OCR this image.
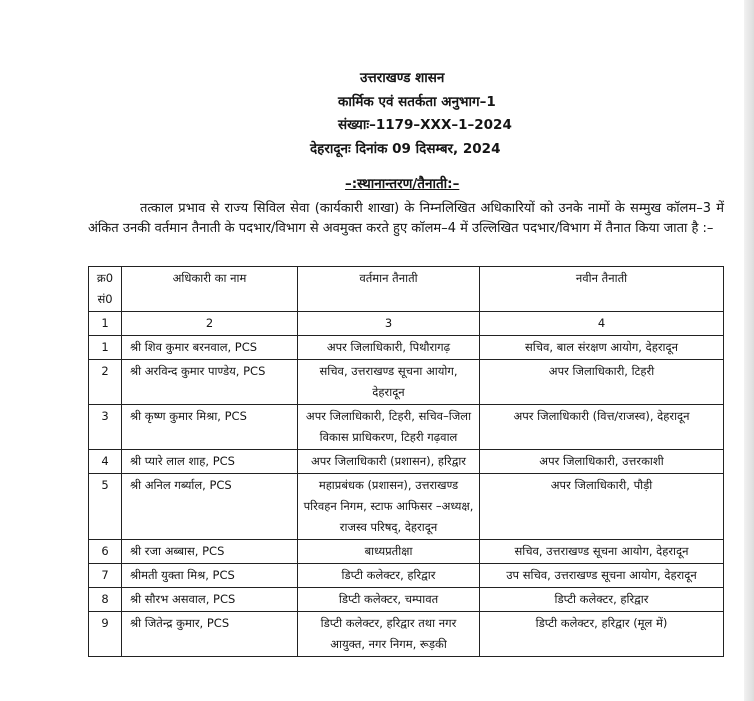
उत्तराखण्ड शासन
कार्मिक एवं सतर्कता अनुभाग–1
संख्याः–1179–XXX–1–2024
देहरादूनः दिनांक 09 दिसम्बर, 2024
–:स्थानान्तरण/तैनाती:–
तत्काल प्रभाव से राज्य सिविल सेवा (कार्यकारी शाखा) के निम्नलिखित अधिकारियों को उनके नामों के सम्मुख कॉलम–3 में अंकित उनकी वर्तमान तैनाती के पदभार/विभाग से अवमुक्त करते हुए कॉलम–4 में उल्लिखित पदभार/विभाग में तैनात किया जाता है :–
क्र0 सं0	अधिकारी का नाम	वर्तमान तैनाती	नवीन तैनाती
1	2	3	4
1	श्री शिव कुमार बरनवाल, PCS	अपर जिलाधिकारी, पिथौरागढ़	सचिव, बाल संरक्षण आयोग, देहरादून
2	श्री अरविन्द कुमार पाण्डेय, PCS	सचिव, उत्तराखण्ड सूचना आयोग, देहरादून	अपर जिलाधिकारी, टिहरी
3	श्री कृष्ण कुमार मिश्रा, PCS	अपर जिलाधिकारी, टिहरी, सचिव–जिला विकास प्राधिकरण, टिहरी गढ़वाल	अपर जिलाधिकारी (वित्त/राजस्व), देहरादून
4	श्री प्यारे लाल शाह, PCS	अपर जिलाधिकारी (प्रशासन), हरिद्वार	अपर जिलाधिकारी, उत्तरकाशी
5	श्री अनिल गर्ब्याल, PCS	महाप्रबंधक (प्रशासन), उत्तराखण्ड परिवहन निगम, स्टाफ आफिसर –अध्यक्ष, राजस्व परिषद्, देहरादून	अपर जिलाधिकारी, पौड़ी
6	श्री रजा अब्बास, PCS	बाध्यप्रतीक्षा	सचिव, उत्तराखण्ड सूचना आयोग, देहरादून
7	श्रीमती युक्ता मिश्र, PCS	डिप्टी कलेक्टर, हरिद्वार	उप सचिव, उत्तराखण्ड सूचना आयोग, देहरादून
8	श्री सौरभ असवाल, PCS	डिप्टी कलेक्टर, चम्पावत	डिप्टी कलेक्टर, हरिद्वार
9	श्री जितेन्द्र कुमार, PCS	डिप्टी कलेक्टर, हरिद्वार तथा नगर आयुक्त, नगर निगम, रूड़की	डिप्टी कलेक्टर, हरिद्वार (मूल में)
